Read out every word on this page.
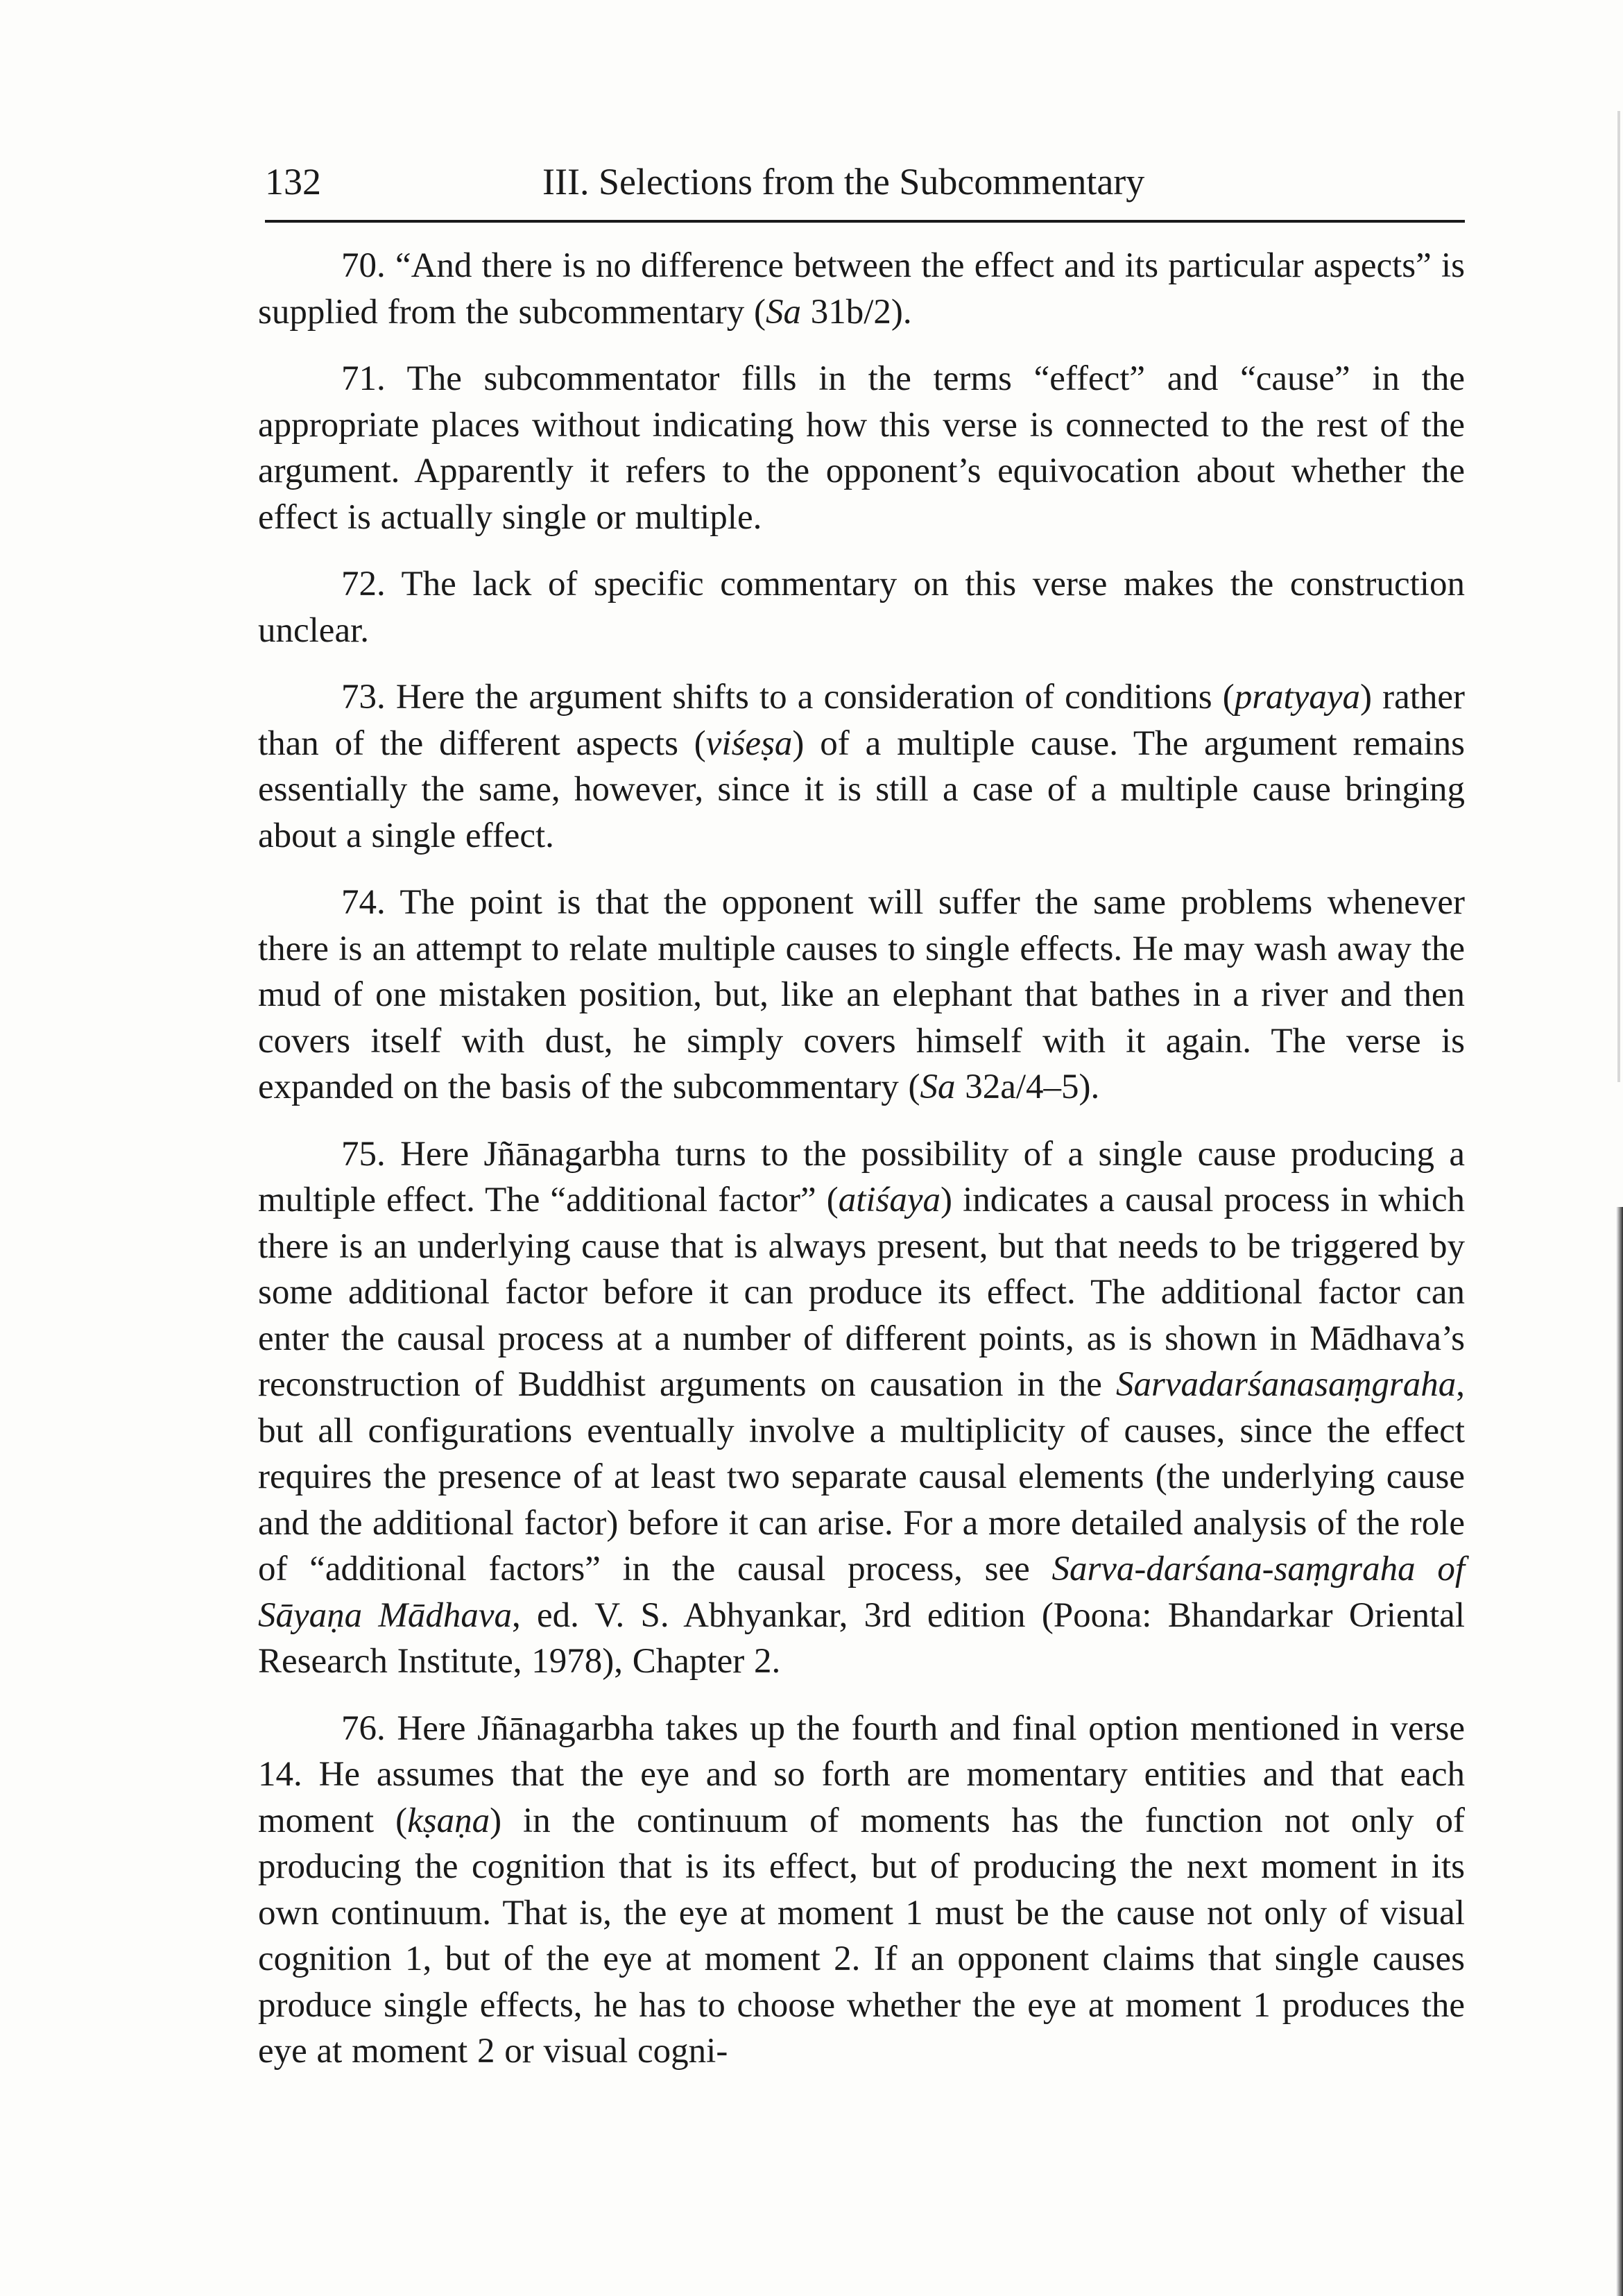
132	III. Selections from the Subcommentary

70. “And there is no difference between the effect and its particular aspects” is supplied from the subcommentary (Sa 31b/2).

71. The subcommentator fills in the terms “effect” and “cause” in the appropriate places without indicating how this verse is connected to the rest of the argument. Apparently it refers to the opponent’s equivocation about whether the effect is actually single or multiple.

72. The lack of specific commentary on this verse makes the construction unclear.

73. Here the argument shifts to a consideration of conditions (pratyaya) rather than of the different aspects (viśeṣa) of a multiple cause. The argument remains essentially the same, however, since it is still a case of a multiple cause bringing about a single effect.

74. The point is that the opponent will suffer the same problems whenever there is an attempt to relate multiple causes to single effects. He may wash away the mud of one mistaken position, but, like an elephant that bathes in a river and then covers itself with dust, he simply covers himself with it again. The verse is expanded on the basis of the subcommentary (Sa 32a/4–5).

75. Here Jñānagarbha turns to the possibility of a single cause producing a multiple effect. The “additional factor” (atiśaya) indicates a causal process in which there is an underlying cause that is always present, but that needs to be triggered by some additional factor before it can produce its effect. The additional factor can enter the causal process at a number of different points, as is shown in Mādhava’s reconstruction of Buddhist arguments on causation in the Sarvadarśanasaṃgraha, but all configurations eventually involve a multiplicity of causes, since the effect requires the presence of at least two separate causal elements (the underlying cause and the additional factor) before it can arise. For a more detailed analysis of the role of “additional factors” in the causal process, see Sarva-darśana-saṃgraha of Sāyaṇa Mādhava, ed. V. S. Abhyankar, 3rd edition (Poona: Bhandarkar Oriental Research Institute, 1978), Chapter 2.

76. Here Jñānagarbha takes up the fourth and final option mentioned in verse 14. He assumes that the eye and so forth are momentary entities and that each moment (kṣaṇa) in the continuum of moments has the function not only of producing the cognition that is its effect, but of producing the next moment in its own continuum. That is, the eye at moment 1 must be the cause not only of visual cognition 1, but of the eye at moment 2. If an opponent claims that single causes produce single effects, he has to choose whether the eye at moment 1 produces the eye at moment 2 or visual cogni-
